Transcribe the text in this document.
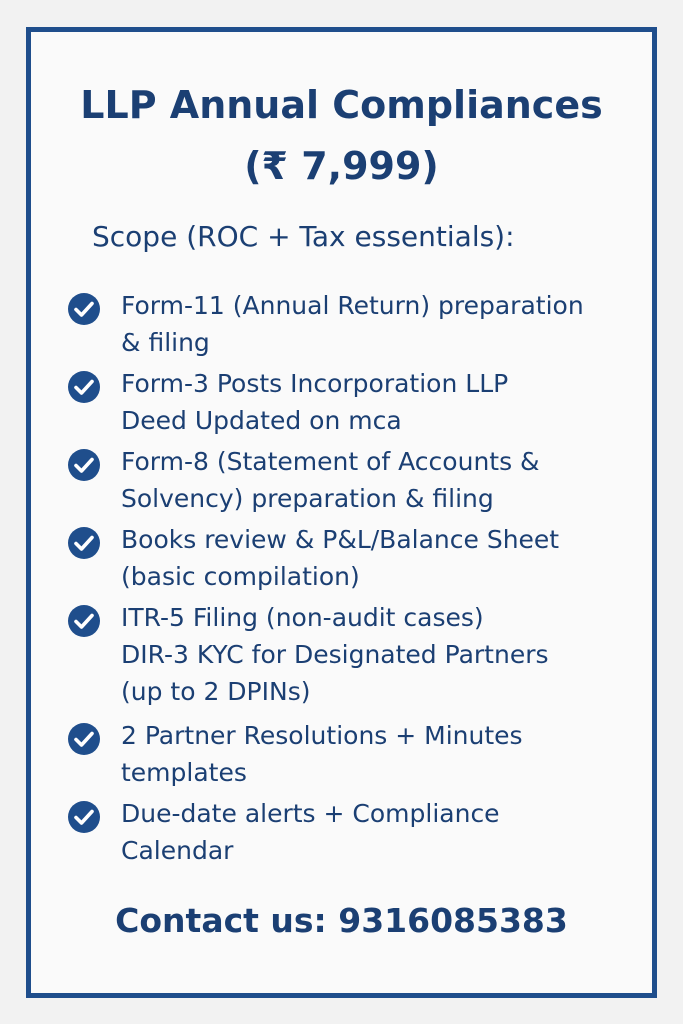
LLP Annual Compliances
(₹ 7,999)

Scope (ROC + Tax essentials):

Form-11 (Annual Return) preparation
& filing

Form-3 Posts Incorporation LLP
Deed Updated on mca

Form-8 (Statement of Accounts &
Solvency) preparation & filing

Books review & P&L/Balance Sheet
(basic compilation)

ITR-5 Filing (non-audit cases)

DIR-3 KYC for Designated Partners
(up to 2 DPINs)

2 Partner Resolutions + Minutes
templates

Due-date alerts + Compliance
Calendar

Contact us: 9316085383
